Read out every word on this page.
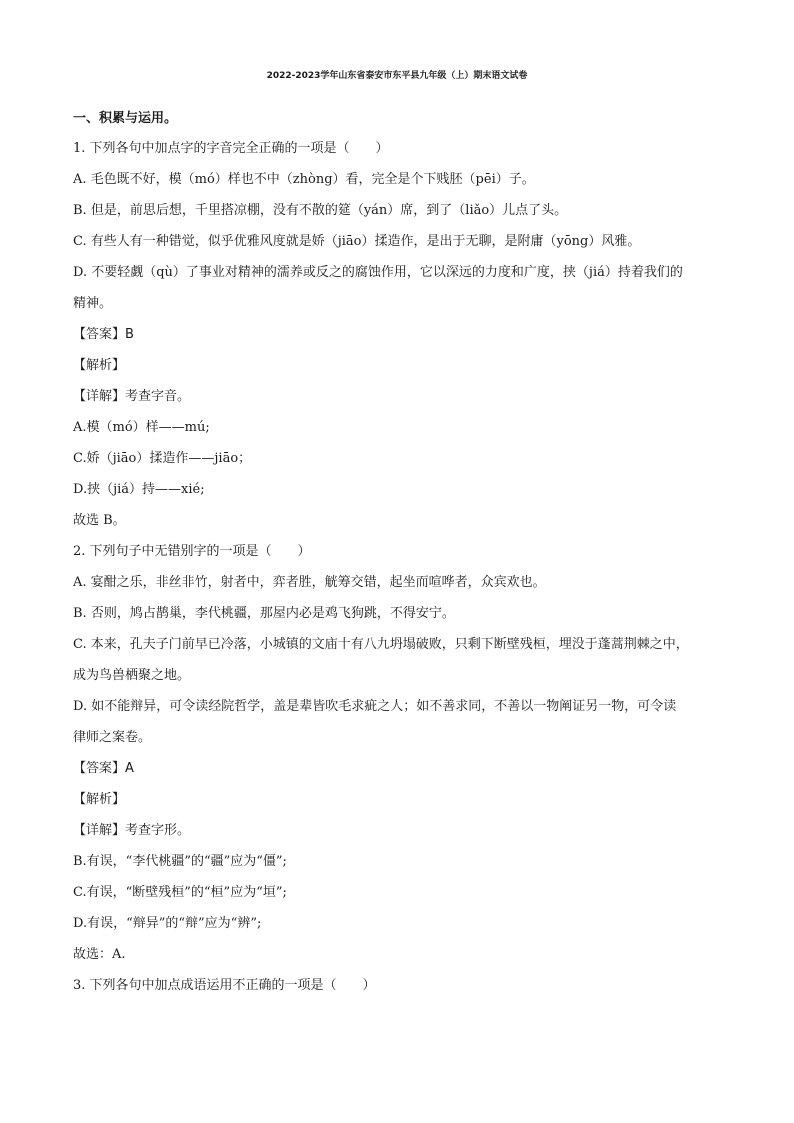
2022-2023学年山东省泰安市东平县九年级（上）期末语文试卷
一、积累与运用。
1. 下列各句中加点字的字音完全正确的一项是（　　）
A. 毛色既不好，模（mó）样也不中（zhòng）看，完全是个下贱胚（pēi）子。
B. 但是，前思后想，千里搭凉棚，没有不散的筵（yán）席，到了（liǎo）儿点了头。
C. 有些人有一种错觉，似乎优雅风度就是娇（jiāo）揉造作，是出于无聊，是附庸（yōng）风雅。
D. 不要轻觑（qù）了事业对精神的濡养或反之的腐蚀作用，它以深远的力度和广度，挟（jiá）持着我们的
精神。
【答案】B
【解析】
【详解】考查字音。
A.模（mó）样——mú;
C.娇（jiāo）揉造作——jiāo；
D.挟（jiá）持——xié;
故选 B。
2. 下列句子中无错别字的一项是（　　）
A. 宴酣之乐，非丝非竹，射者中，弈者胜，觥筹交错，起坐而喧哗者，众宾欢也。
B. 否则，鸠占鹊巢，李代桃疆，那屋内必是鸡飞狗跳，不得安宁。
C. 本来，孔夫子门前早已冷落，小城镇的文庙十有八九坍塌破败，只剩下断壁残桓，埋没于蓬蒿荆棘之中，
成为鸟兽栖聚之地。
D. 如不能辩异，可令读经院哲学，盖是辈皆吹毛求疵之人；如不善求同，不善以一物阐证另一物，可令读
律师之案卷。
【答案】A
【解析】
【详解】考查字形。
B.有误，“李代桃疆”的“疆”应为“僵”;
C.有误，“断壁残桓”的“桓”应为“垣”;
D.有误，“辩异”的“辩”应为“辨”;
故选：A.
3. 下列各句中加点成语运用不正确的一项是（　　）
